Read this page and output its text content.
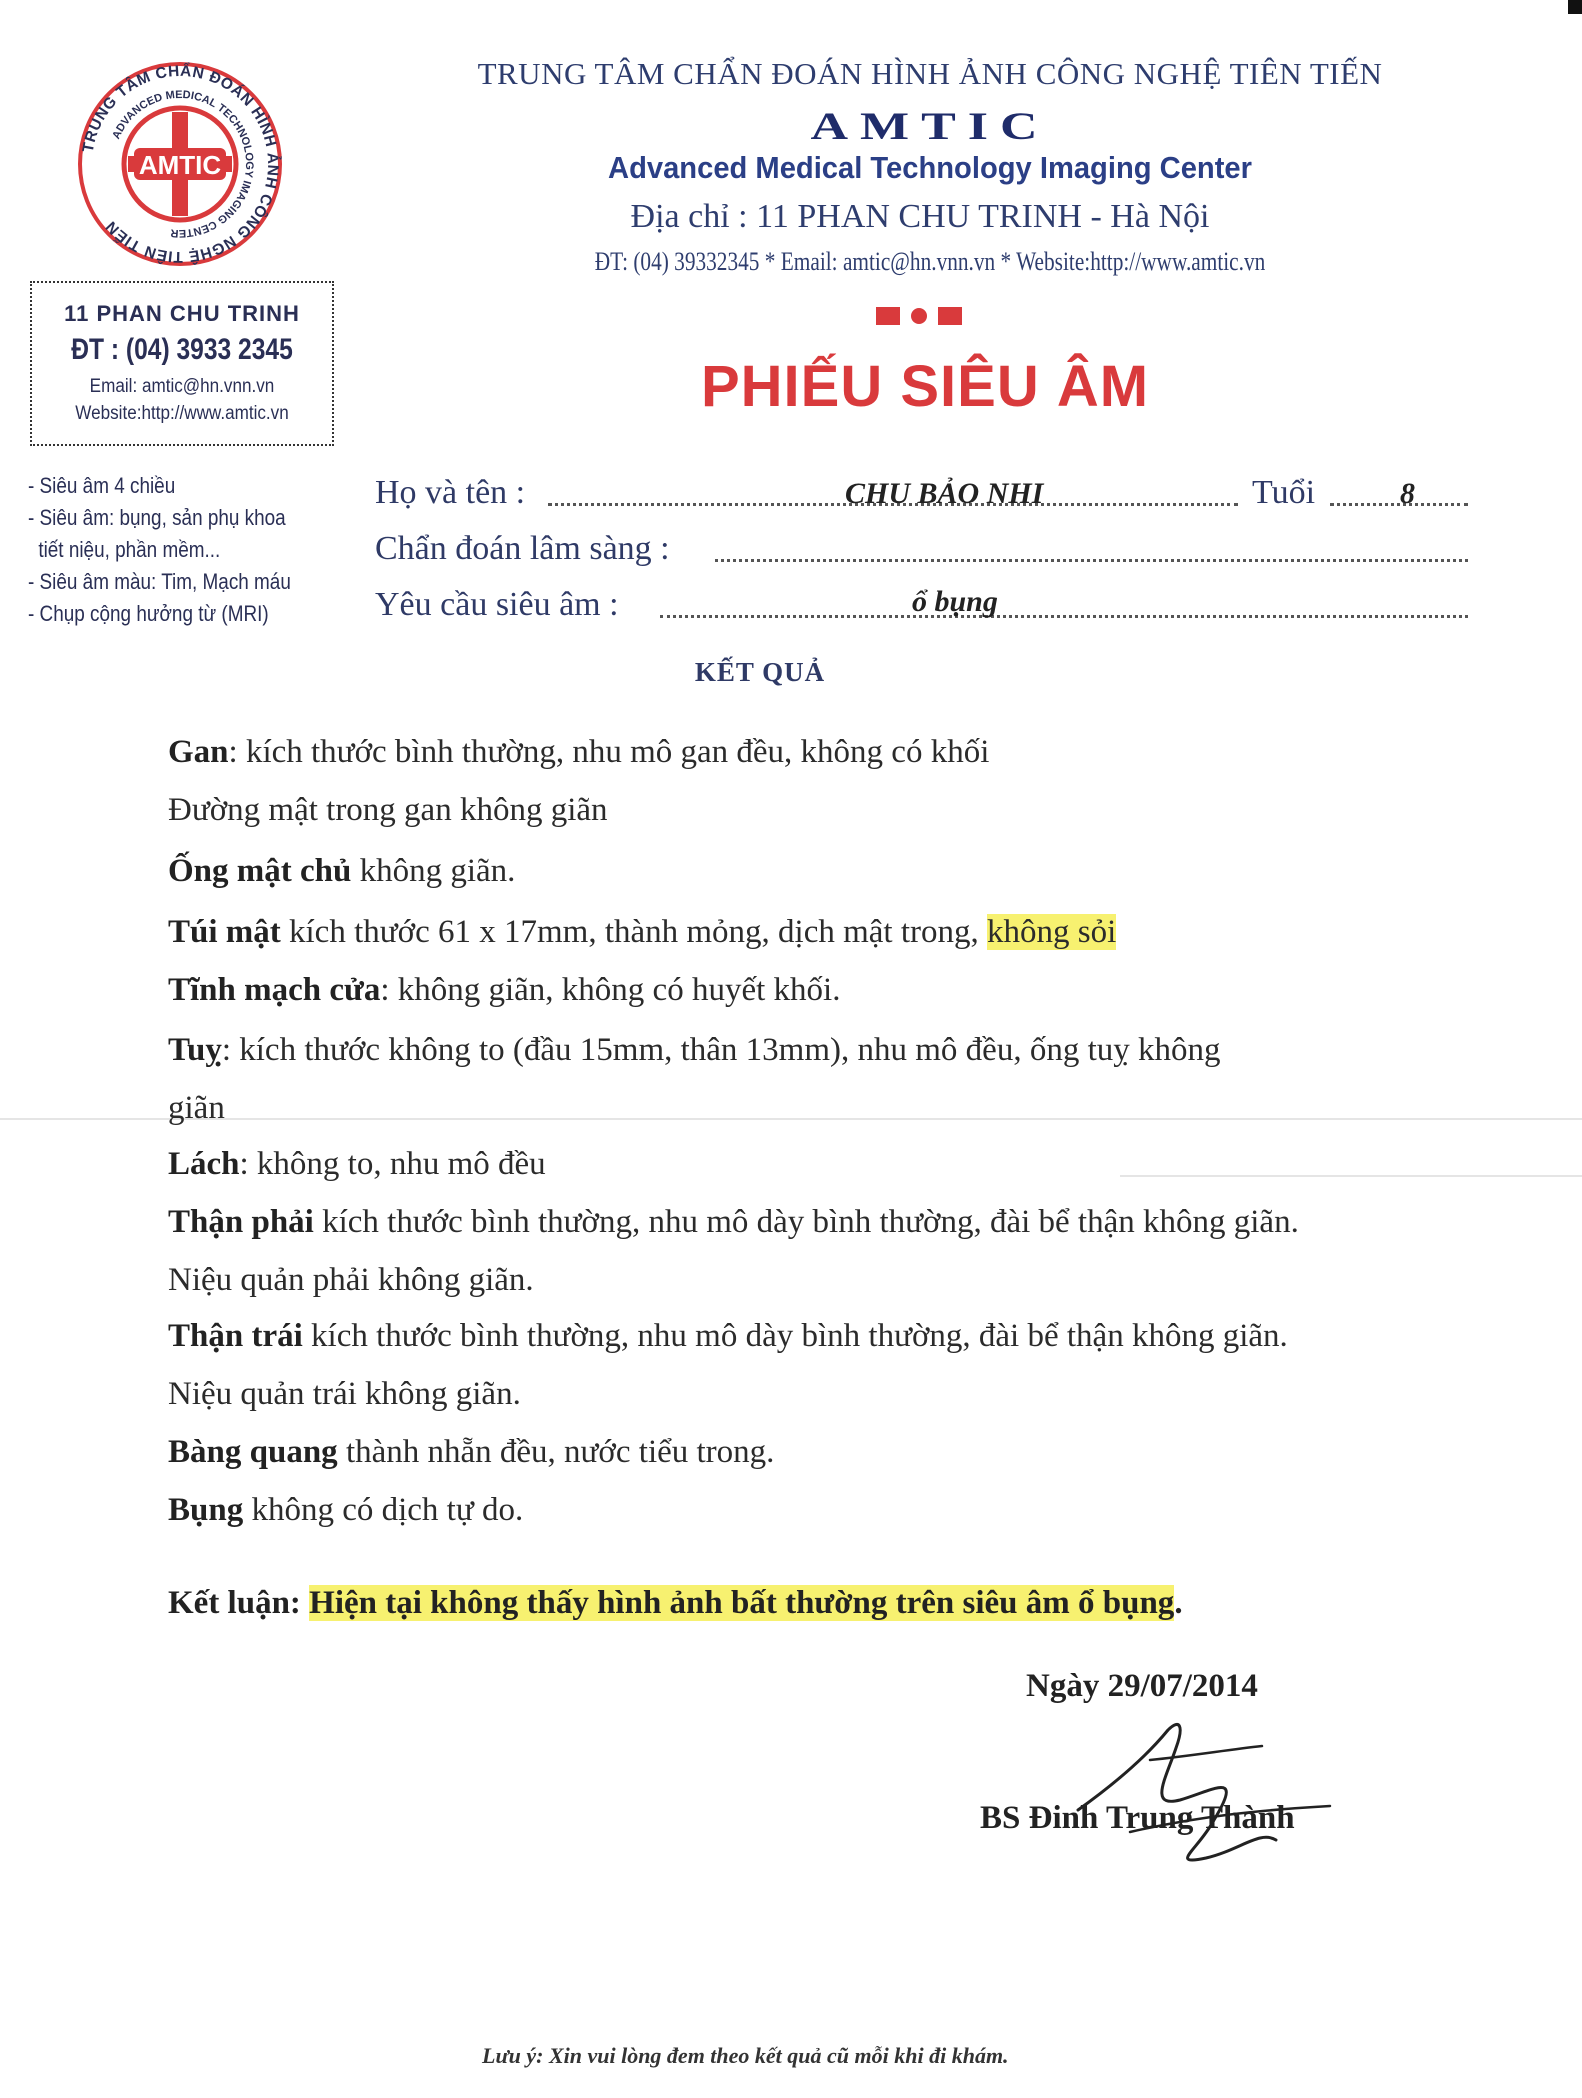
AMTIC
TRUNG TÂM CHẨN ĐOÁN HÌNH ẢNH CÔNG NGHỆ TIÊN TIẾN
ADVANCED MEDICAL TECHNOLOGY IMAGING CENTER
11 PHAN CHU TRINH
ĐT : (04) 3933 2345
Email: amtic@hn.vnn.vn
Website:http://www.amtic.vn
- Siêu âm 4 chiều
- Siêu âm: bụng, sản phụ khoa
tiết niệu, phần mềm...
- Siêu âm màu: Tim, Mạch máu
- Chụp cộng hưởng từ (MRI)
TRUNG TÂM CHẨN ĐOÁN HÌNH ẢNH CÔNG NGHỆ TIÊN TIẾN
AMTIC
Advanced Medical Technology Imaging Center
Địa chỉ : 11 PHAN CHU TRINH - Hà Nội
ĐT: (04) 39332345 * Email: amtic@hn.vnn.vn * Website:http://www.amtic.vn
PHIẾU SIÊU ÂM
Họ và tên :	CHU BẢO NHI	Tuổi	8
Chẩn đoán lâm sàng :
Yêu cầu siêu âm :	ổ bụng
KẾT QUẢ
Gan: kích thước bình thường, nhu mô gan đều, không có khối
Đường mật trong gan không giãn
Ống mật chủ không giãn.
Túi mật kích thước 61 x 17mm, thành mỏng, dịch mật trong, không sỏi
Tĩnh mạch cửa: không giãn, không có huyết khối.
Tuỵ: kích thước không to (đầu 15mm, thân 13mm), nhu mô đều, ống tuỵ không
giãn
Lách: không to, nhu mô đều
Thận phải kích thước bình thường, nhu mô dày bình thường, đài bể thận không giãn.
Niệu quản phải không giãn.
Thận trái kích thước bình thường, nhu mô dày bình thường, đài bể thận không giãn.
Niệu quản trái không giãn.
Bàng quang thành nhẵn đều, nước tiểu trong.
Bụng không có dịch tự do.
Kết luận: Hiện tại không thấy hình ảnh bất thường trên siêu âm ổ bụng.
Ngày 29/07/2014
BS Đinh Trung Thành
Lưu ý: Xin vui lòng đem theo kết quả cũ mỗi khi đi khám.
